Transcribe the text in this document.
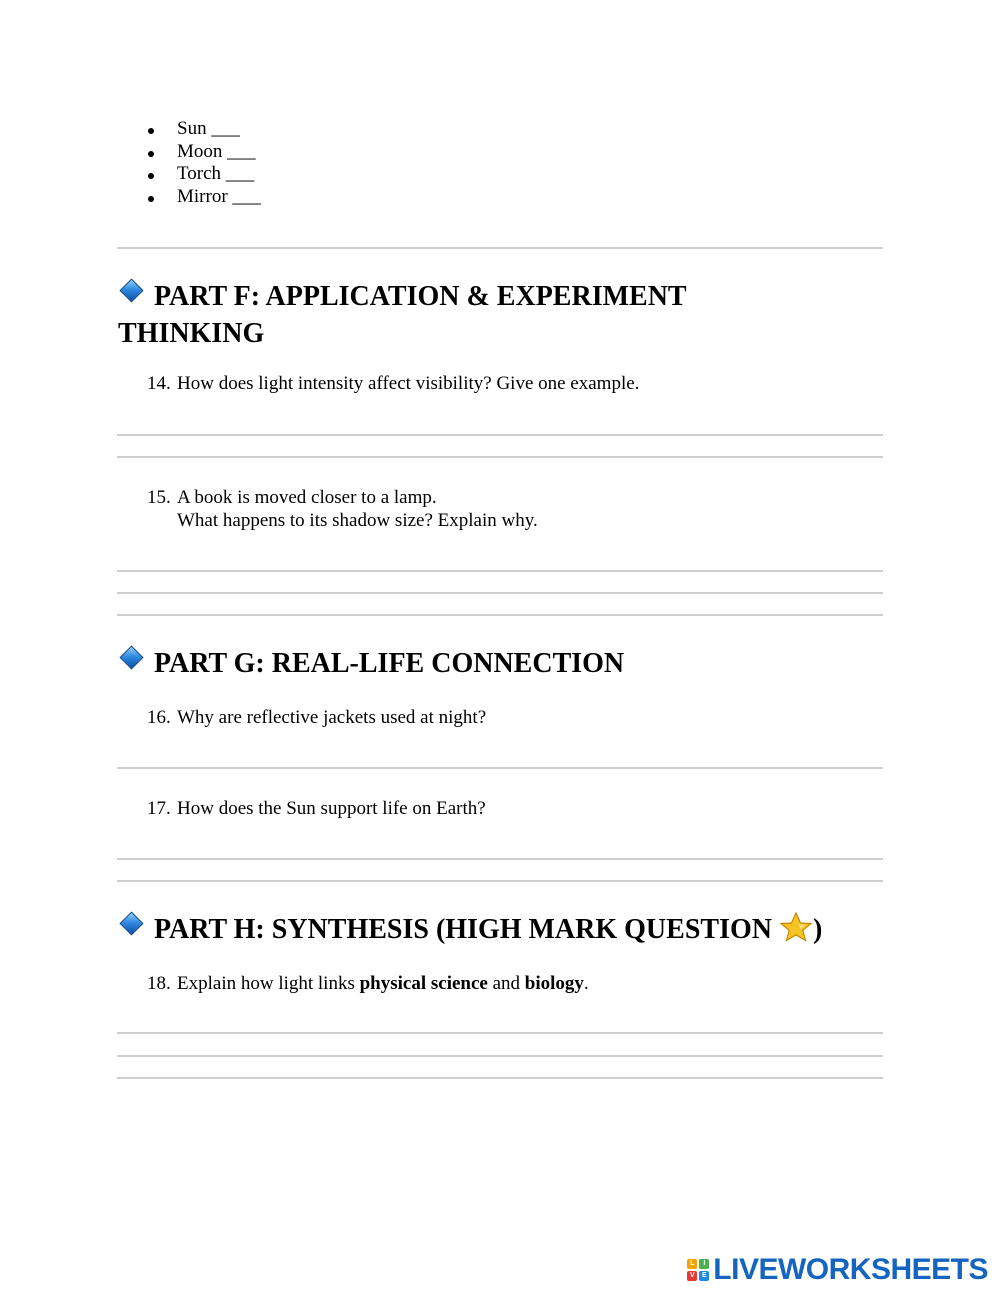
Sun ___
Moon ___
Torch ___
Mirror ___
PART F: APPLICATION & EXPERIMENT
THINKING
14. How does light intensity affect visibility? Give one example.
15. A book is moved closer to a lamp.
What happens to its shadow size? Explain why.
PART G: REAL-LIFE CONNECTION
16. Why are reflective jackets used at night?
17. How does the Sun support life on Earth?
PART H: SYNTHESIS (HIGH MARK QUESTION )
18. Explain how light links physical science and biology.
L	I
V	E LIVEWORKSHEETS
